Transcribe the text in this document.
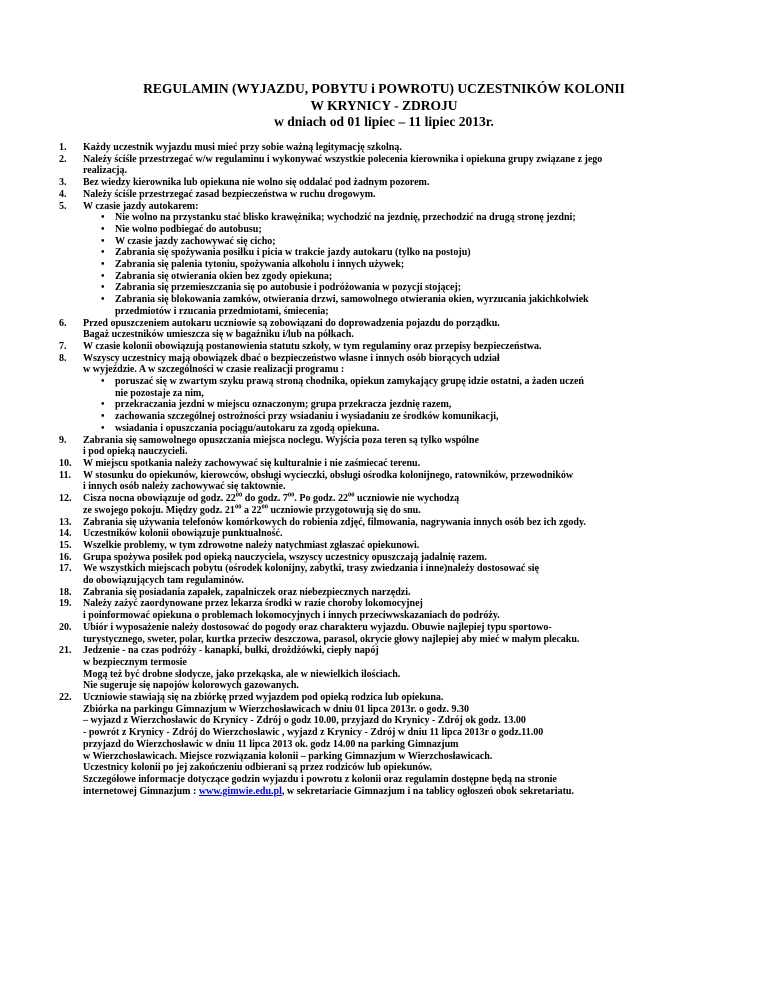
REGULAMIN (WYJAZDU, POBYTU i POWROTU) UCZESTNIKÓW KOLONII
W KRYNICY - ZDROJU
w dniach od 01 lipiec – 11 lipiec 2013r.
1.	Każdy uczestnik wyjazdu musi mieć przy sobie ważną legitymację szkolną.
2.	Należy ściśle przestrzegać w/w regulaminu i wykonywać wszystkie polecenia kierownika i opiekuna grupy związane z jego
realizacją.
3.	Bez wiedzy kierownika lub opiekuna nie wolno się oddalać pod żadnym pozorem.
4.	Należy ściśle przestrzegać zasad bezpieczeństwa w ruchu drogowym.
5.	W czasie jazdy autokarem:
•	Nie wolno na przystanku stać blisko krawężnika; wychodzić na jezdnię, przechodzić na drugą stronę jezdni;
•	Nie wolno podbiegać do autobusu;
•	W czasie jazdy zachowywać się cicho;
•	Zabrania się spożywania posiłku i picia w trakcie jazdy autokaru (tylko na postoju)
•	Zabrania się palenia tytoniu, spożywania alkoholu i innych używek;
•	Zabrania się otwierania okien bez zgody opiekuna;
•	Zabrania się przemieszczania się po autobusie i podróżowania w pozycji stojącej;
•	Zabrania się blokowania zamków, otwierania drzwi, samowolnego otwierania okien, wyrzucania jakichkolwiek
przedmiotów i rzucania przedmiotami, śmiecenia;
6.	Przed opuszczeniem autokaru uczniowie są zobowiązani do doprowadzenia pojazdu do porządku.
Bagaż uczestników umieszcza się w bagażniku i/lub na półkach.
7.	W czasie kolonii obowiązują postanowienia statutu szkoły, w tym regulaminy oraz przepisy bezpieczeństwa.
8.	Wszyscy uczestnicy mają obowiązek dbać o bezpieczeństwo własne i innych osób biorących udział
w wyjeździe. A w szczególności w czasie realizacji programu :
•	poruszać się w zwartym szyku prawą stroną chodnika, opiekun zamykający grupę idzie ostatni, a żaden uczeń
nie pozostaje za nim,
•	przekraczania jezdni w miejscu oznaczonym; grupa przekracza jezdnię razem,
•	zachowania szczególnej ostrożności przy wsiadaniu i wysiadaniu ze środków komunikacji,
•	wsiadania i opuszczania pociągu/autokaru za zgodą opiekuna.
9.	Zabrania się samowolnego opuszczania miejsca noclegu. Wyjścia poza teren są tylko wspólne
i pod opieką nauczycieli.
10.	W miejscu spotkania należy zachowywać się kulturalnie i nie zaśmiecać terenu.
11.	W stosunku do opiekunów, kierowców, obsługi wycieczki, obsługi ośrodka kolonijnego, ratowników, przewodników
i innych osób należy zachowywać się taktownie.
12.	Cisza nocna obowiązuje od godz. $22^{00}$ do godz. $7^{00}$. Po godz. $22^{00}$ uczniowie nie wychodzą
ze swojego pokoju. Między godz. $21^{00}$ a $22^{00}$ uczniowie przygotowują się do snu.
13.	Zabrania się używania telefonów komórkowych do robienia zdjęć, filmowania, nagrywania innych osób bez ich zgody.
14.	Uczestników kolonii obowiązuje punktualność.
15.	Wszelkie problemy, w tym zdrowotne należy natychmiast zgłaszać opiekunowi.
16.	Grupa spożywa posiłek pod opieką nauczyciela, wszyscy uczestnicy opuszczają jadalnię razem.
17.	We wszystkich miejscach pobytu (ośrodek kolonijny, zabytki, trasy zwiedzania i inne)należy dostosować się
do obowiązujących tam regulaminów.
18.	Zabrania się posiadania zapałek, zapalniczek oraz niebezpiecznych narzędzi.
19.	Należy zażyć zaordynowane przez lekarza środki w razie choroby lokomocyjnej
i poinformować opiekuna o problemach lokomocyjnych i innych przeciwwskazaniach do podróży.
20.	Ubiór i wyposażenie należy dostosować do pogody oraz charakteru wyjazdu. Obuwie najlepiej typu sportowo-
turystycznego, sweter, polar, kurtka przeciw deszczowa, parasol, okrycie głowy najlepiej aby mieć w małym plecaku.
21.	Jedzenie - na czas podróży - kanapki, bułki, drożdżówki, ciepły napój
w bezpiecznym termosie
Mogą też być drobne słodycze, jako przekąska, ale w niewielkich ilościach.
Nie sugeruje się napojów kolorowych gazowanych.
22.	Uczniowie stawiają się na zbiórkę przed wyjazdem pod opieką rodzica lub opiekuna.
Zbiórka na parkingu Gimnazjum w Wierzchosławicach w dniu 01 lipca 2013r. o godz. 9.30
– wyjazd z Wierzchosławic do Krynicy - Zdrój o godz 10.00, przyjazd do Krynicy - Zdrój ok godz. 13.00
- powrót z Krynicy - Zdrój do Wierzchosławic , wyjazd z Krynicy - Zdrój w dniu 11 lipca 2013r o godz.11.00
przyjazd do Wierzchosławic w dniu 11 lipca 2013 ok. godz 14.00 na parking Gimnazjum
w Wierzchosławicach. Miejsce rozwiązania kolonii – parking Gimnazjum w Wierzchosławicach.
Uczestnicy kolonii po jej zakończeniu odbierani są przez rodziców lub opiekunów.
Szczegółowe informacje dotyczące godzin wyjazdu i powrotu z kolonii oraz regulamin dostępne będą na stronie
internetowej Gimnazjum : www.gimwie.edu.pl, w sekretariacie Gimnazjum i na tablicy ogłoszeń obok sekretariatu.
